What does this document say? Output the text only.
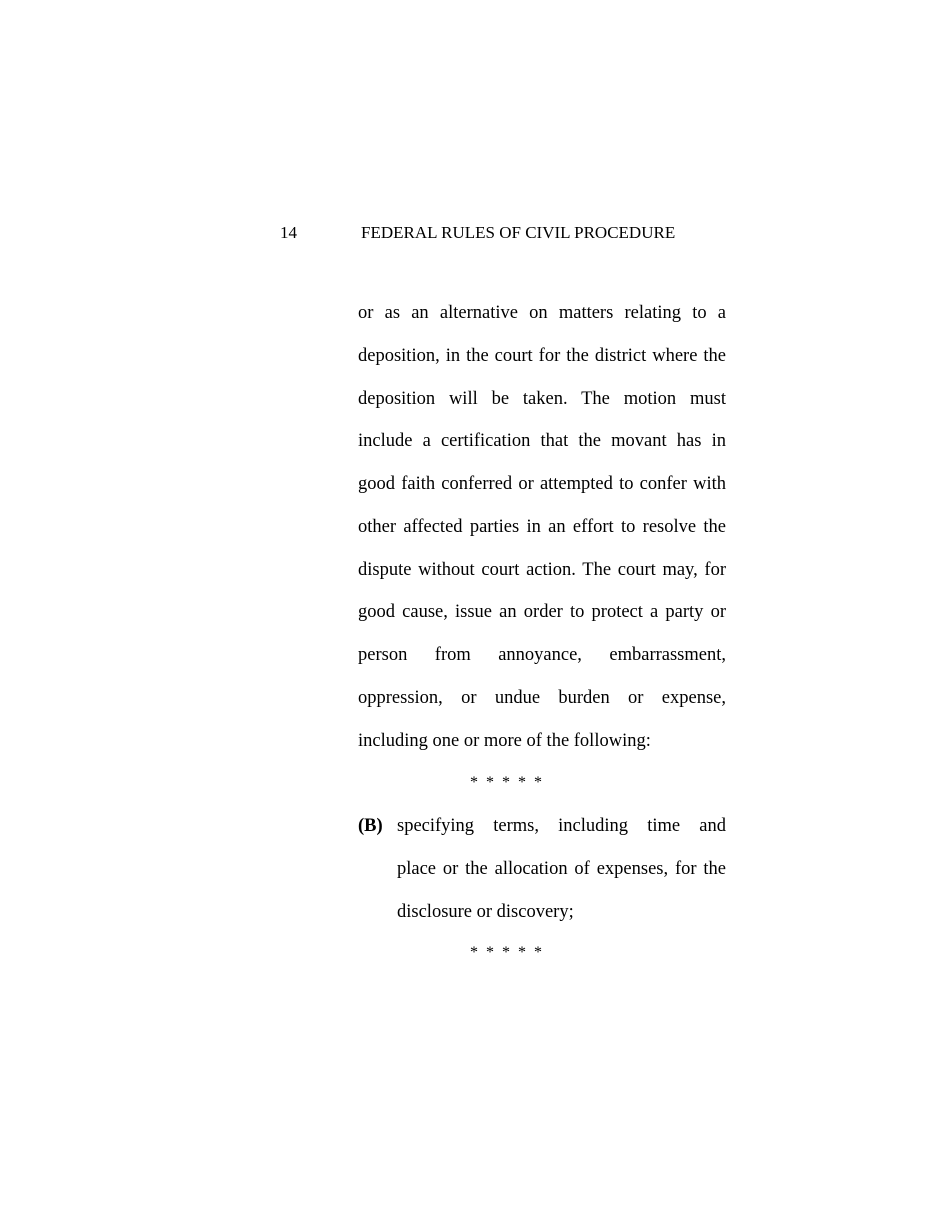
14	FEDERAL RULES OF CIVIL PROCEDURE
or as an alternative on matters relating to a
deposition, in the court for the district where the
deposition will be taken. The motion must
include a certification that the movant has in
good faith conferred or attempted to confer with
other affected parties in an effort to resolve the
dispute without court action. The court may, for
good cause, issue an order to protect a party or
person from annoyance, embarrassment,
oppression, or undue burden or expense,
including one or more of the following:
* * * * *
(B) specifying terms, including time and
place or the allocation of expenses, for the
disclosure or discovery;
* * * * *
